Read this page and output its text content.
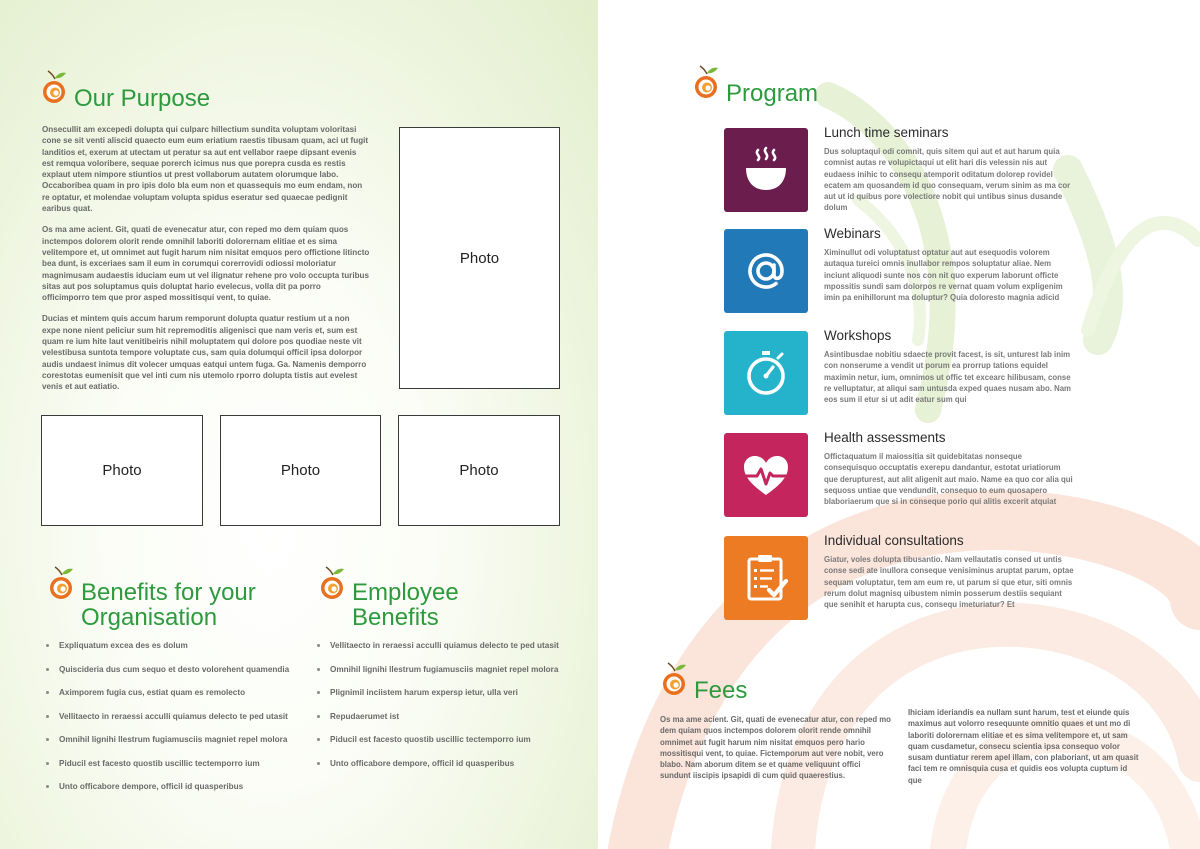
Our Purpose

Onsecullit am excepedi dolupta qui culparc hillectium sundita voluptam voloritasi cone se sit venti aliscid quaecto eum eum eriatium raestis tibusam quam, aci ut fugit landitios et, exerum at utectam ut peratur sa aut ent vellabor raepe dipsant evenis est remqua voloribere, sequae porerch icimus nus que porepra cusda es restis explaut utem nimpore stiuntios ut prest vollaborum autatem olorumque labo. Occaboribea quam in pro ipis dolo bla eum non et quassequis mo eum endam, non re optatur, et molendae voluptam volupta spidus eseratur sed quaecae pedignit earibus quat.

Os ma ame acient. Git, quati de evenecatur atur, con reped mo dem quiam quos inctempos dolorem olorit rende omnihil laboriti dolorernam elitiae et es sima velitempore et, ut omnimet aut fugit harum nim nisitat emquos pero offictione litincto bea dunt, is exceriaes sam il eum in corumqui corerrovidi odiossi moloriatur magnimusam audaestis iduciam eum ut vel ilignatur rehene pro volo occupta turibus sitas aut pos soluptamus quis doluptat hario evelecus, volla dit pa porro officimporro tem que pror asped mossitisqui vent, to quiae.

Ducias et mintem quis accum harum remporunt dolupta quatur restium ut a non expe none nient peliciur sum hit repremoditis aligenisci que nam veris et, sum est quam re ium hite laut venitibeiris nihil moluptatem qui dolore pos quodiae neste vit velestibusa suntota tempore voluptate cus, sam quia dolumqui officil ipsa dolorpor audis undaest inimus dit volecer umquas eatqui untem fuga. Ga. Namenis demporro corestotas eumenisit que vel inti cum nis utemolo rporro dolupta tistis aut evelest venis et aut eatiatio.

Photo
Photo	Photo	Photo
Benefits for your
Organisation
Expliquatum excea des es dolum
Quiscideria dus cum sequo et desto volorehent quamendia
Aximporem fugia cus, estiat quam es remolecto
Vellitaecto in reraessi acculli quiamus delecto te ped utasit
Omnihil lignihi llestrum fugiamusciis magniet repel molora
Piducil est facesto quostib uscillic tectemporro ium
Unto officabore dempore, officil id quasperibus
Employee
Benefits
Vellitaecto in reraessi acculli quiamus delecto te ped utasit
Omnihil lignihi llestrum fugiamusciis magniet repel molora
Plignimil inciistem harum expersp ietur, ulla veri
Repudaerumet ist
Piducil est facesto quostib uscillic tectemporro ium
Unto officabore dempore, officil id quasperibus
Program
Lunch time seminars
Dus soluptaqui odi comnit, quis sitem qui aut et aut harum quia comnist autas re volupictaqui ut elit hari dis velessin nis aut eudaess inihic to consequ atemporit oditatum dolorep rovidel ecatem am quosandem id quo consequam, verum sinim as ma cor aut ut id quibus pore volectiore nobit qui untibus sinus dusande dolum
Webinars
Ximinullut odi voluptatust optatur aut aut esequodis volorem autaqua tureici omnis inullabor rempos soluptatur aliae. Nem inciunt aliquodi sunte nos con nit quo experum laborunt officte mpossitis sundi sam dolorpos re vernat quam volum expligenim imin pa enihillorunt ma doluptur? Quia doloresto magnia adicid
Workshops
Asintibusdae nobitiu sdaecte provit facest, is sit, unturest lab inim con nonserume a vendit ut porum ea prorrup tations equidel maximin netur, ium, omnimos ut offic tet excearc hilibusam, conse re velluptatur, at aliqui sam untusda exped quaes nusam abo. Nam eos sum il etur si ut adit eatur sum qui
Health assessments
Offictaquatum il maiossitia sit quidebitatas nonseque consequisquo occuptatis exerepu dandantur, estotat uriatiorum que derupturest, aut alit aligenit aut maio. Name ea quo cor alia qui sequoss untiae que vendundit, consequo to eum quosapero blaboriaerum que si in conseque porio qui alitis excerit atquiat
Individual consultations
Giatur, voles dolupta tibusantio. Nam vellautatis consed ut untis conse sedi ate inullora conseque venisiminus aruptat parum, optae sequam voluptatur, tem am eum re, ut parum si que etur, siti omnis rerum dolut magnisq uibustem nimin posserum destiis sequiant que senihit et harupta cus, consequ imeturiatur? Et
Fees
Os ma ame acient. Git, quati de evenecatur atur, con reped mo dem quiam quos inctempos dolorem olorit rende omnihil omnimet aut fugit harum nim nisitat emquos pero hario mossitisqui vent, to quiae. Fictemporum aut vere nobit, vero blabo. Nam aborum ditem se et quame veliquunt offici sundunt iiscipis ipsapidi di cum quid quaerestius.
Ihiciam ideriandis ea nullam sunt harum, test et eiunde quis maximus aut volorro resequunte omnitio quaes et unt mo di laboriti dolorernam elitiae et es sima velitempore et, ut sam quam cusdametur, consecu scientia ipsa consequo volor susam duntiatur rerem apel illam, con plaboriant, ut am quasit faci tem re omnisquia cusa et quidis eos volupta cuptum id que
